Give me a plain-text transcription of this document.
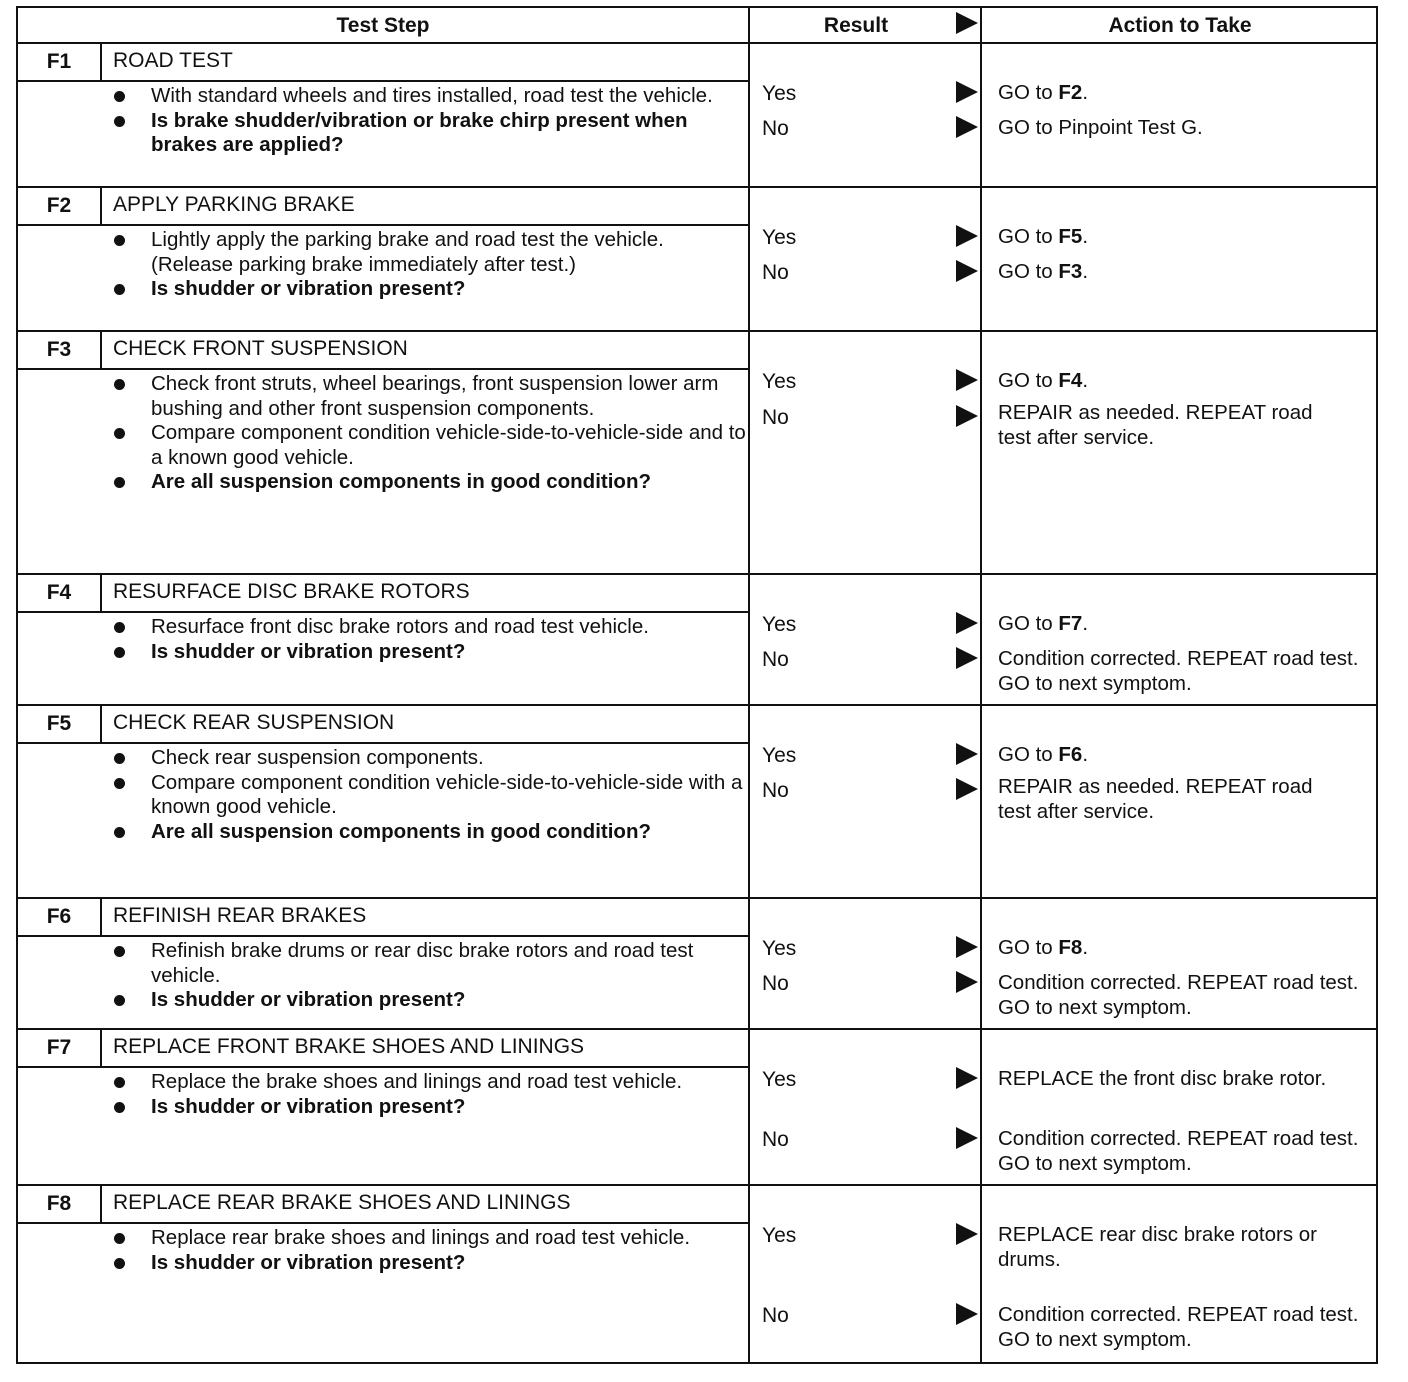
Test Step	Result	Action to Take
F1	ROAD TEST
With standard wheels and tires installed, road test the vehicle.
Is brake shudder/vibration or brake chirp present when brakes are applied?
Yes	GO to F2.
No	GO to Pinpoint Test G.
F2	APPLY PARKING BRAKE
Lightly apply the parking brake and road test the vehicle. (Release parking brake immediately after test.)
Is shudder or vibration present?
Yes	GO to F5.
No	GO to F3.
F3	CHECK FRONT SUSPENSION
Check front struts, wheel bearings, front suspension lower arm bushing and other front suspension components.
Compare component condition vehicle-side-to-vehicle-side and to a known good vehicle.
Are all suspension components in good condition?
Yes	GO to F4.
No	REPAIR as needed. REPEAT road test after service.
F4	RESURFACE DISC BRAKE ROTORS
Resurface front disc brake rotors and road test vehicle.
Is shudder or vibration present?
Yes	GO to F7.
No	Condition corrected. REPEAT road test. GO to next symptom.
F5	CHECK REAR SUSPENSION
Check rear suspension components.
Compare component condition vehicle-side-to-vehicle-side with a known good vehicle.
Are all suspension components in good condition?
Yes	GO to F6.
No	REPAIR as needed. REPEAT road test after service.
F6	REFINISH REAR BRAKES
Refinish brake drums or rear disc brake rotors and road test vehicle.
Is shudder or vibration present?
Yes	GO to F8.
No	Condition corrected. REPEAT road test. GO to next symptom.
F7	REPLACE FRONT BRAKE SHOES AND LININGS
Replace the brake shoes and linings and road test vehicle.
Is shudder or vibration present?
Yes	REPLACE the front disc brake rotor.
No	Condition corrected. REPEAT road test. GO to next symptom.
F8	REPLACE REAR BRAKE SHOES AND LININGS
Replace rear brake shoes and linings and road test vehicle.
Is shudder or vibration present?
Yes	REPLACE rear disc brake rotors or drums.
No	Condition corrected. REPEAT road test. GO to next symptom.
